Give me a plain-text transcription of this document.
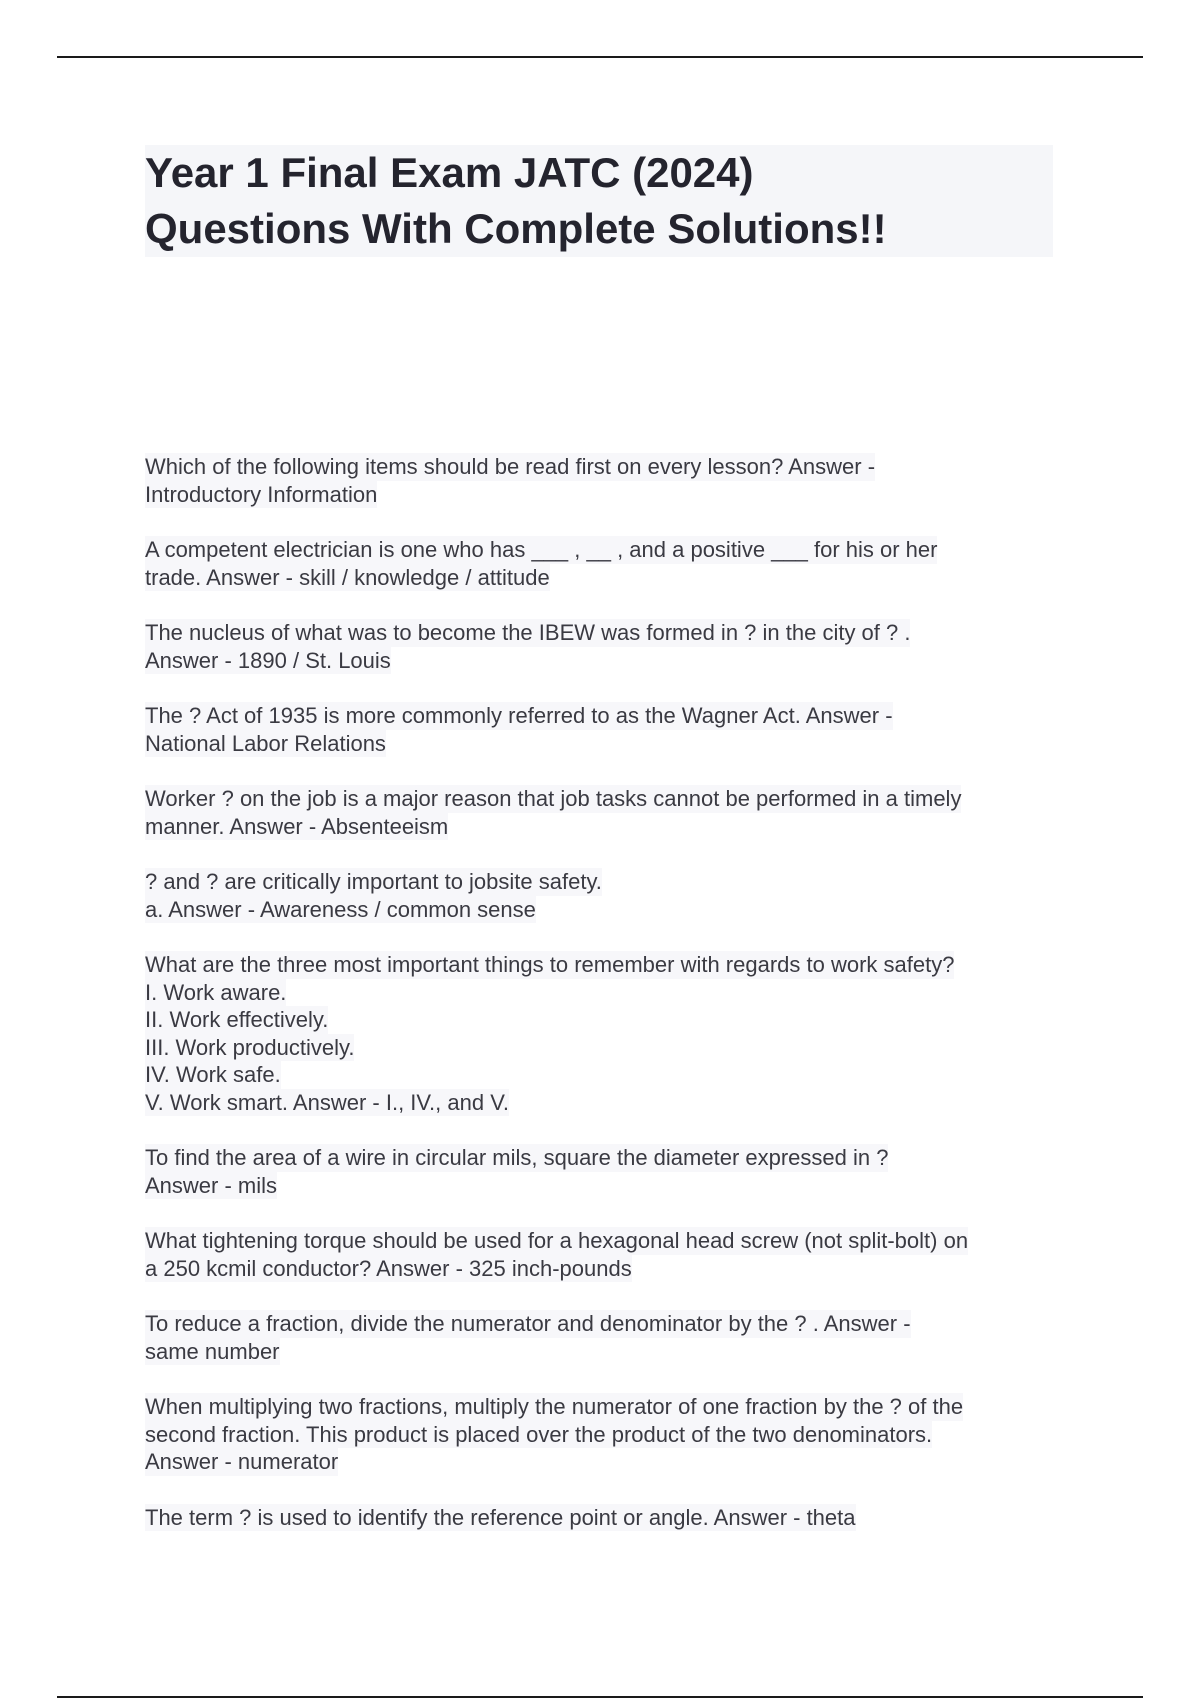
Year 1 Final Exam JATC (2024)
Questions With Complete Solutions!!
Which of the following items should be read first on every lesson? Answer -
Introductory Information
A competent electrician is one who has ___ , __ , and a positive ___ for his or her
trade. Answer - skill / knowledge / attitude
The nucleus of what was to become the IBEW was formed in ? in the city of ? .
Answer - 1890 / St. Louis
The ? Act of 1935 is more commonly referred to as the Wagner Act. Answer -
National Labor Relations
Worker ? on the job is a major reason that job tasks cannot be performed in a timely
manner. Answer - Absenteeism
? and ? are critically important to jobsite safety.
a. Answer - Awareness / common sense
What are the three most important things to remember with regards to work safety?
I. Work aware.
II. Work effectively.
III. Work productively.
IV. Work safe.
V. Work smart. Answer - I., IV., and V.
To find the area of a wire in circular mils, square the diameter expressed in ?
Answer - mils
What tightening torque should be used for a hexagonal head screw (not split-bolt) on
a 250 kcmil conductor? Answer - 325 inch-pounds
To reduce a fraction, divide the numerator and denominator by the ? . Answer -
same number
When multiplying two fractions, multiply the numerator of one fraction by the ? of the
second fraction. This product is placed over the product of the two denominators.
Answer - numerator
The term ? is used to identify the reference point or angle. Answer - theta
